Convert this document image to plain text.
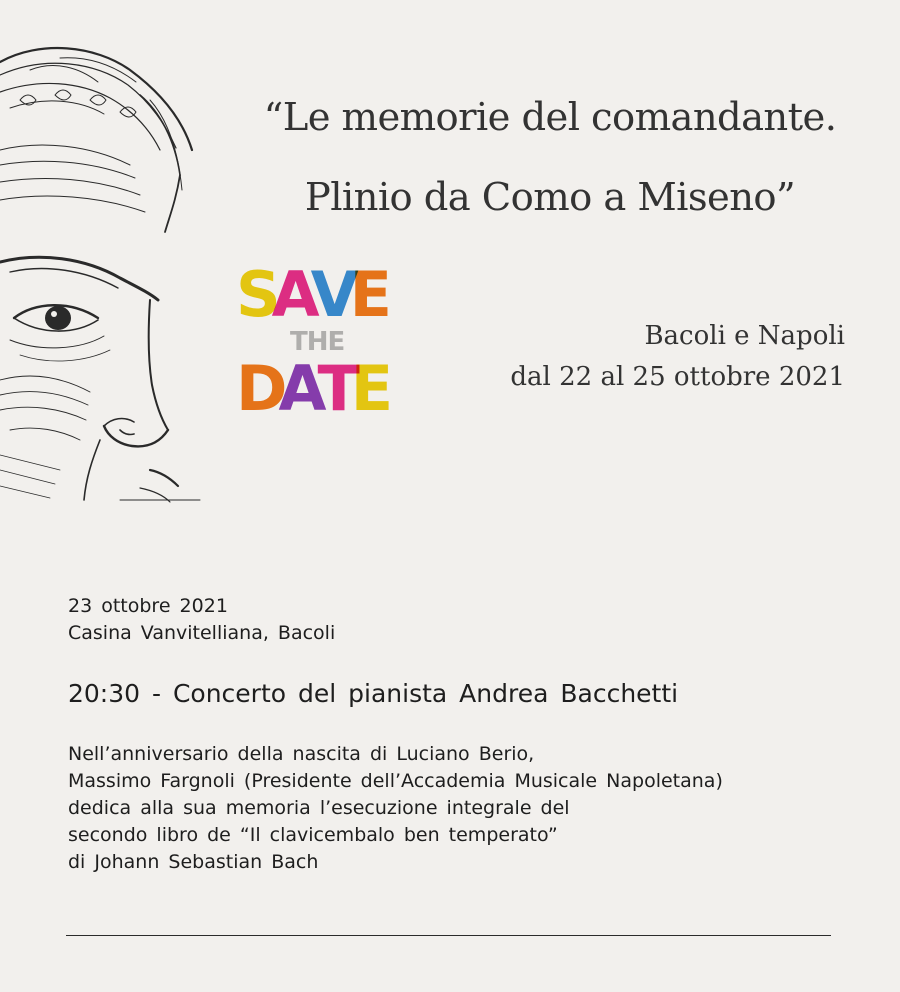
“Le memorie del comandante.
Plinio da Como a Miseno”
SAVE
THE
DATE
Bacoli e Napoli
dal 22 al 25 ottobre 2021
23 ottobre 2021
Casina Vanvitelliana, Bacoli
20:30 - Concerto del pianista Andrea Bacchetti
Nell’anniversario della nascita di Luciano Berio,
Massimo Fargnoli (Presidente dell’Accademia Musicale Napoletana)
dedica alla sua memoria l’esecuzione integrale del
secondo libro de “Il clavicembalo ben temperato”
di Johann Sebastian Bach
